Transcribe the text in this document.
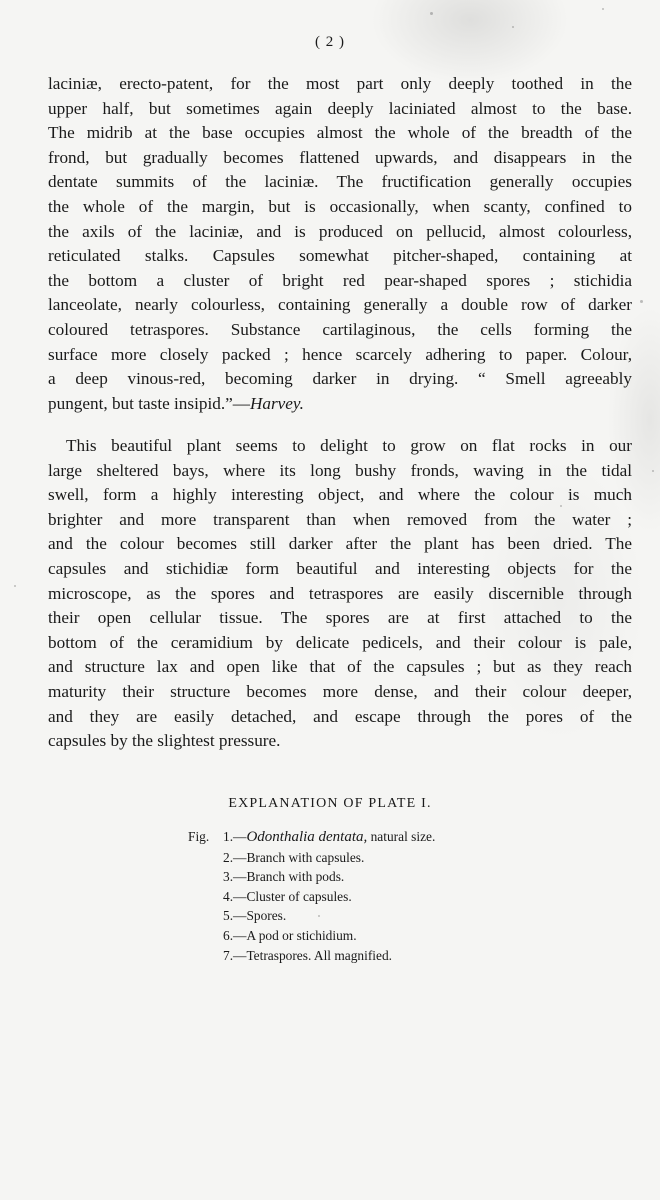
( 2 )

laciniæ, erecto-patent, for the most part only deeply toothed in the
upper half, but sometimes again deeply laciniated almost to the base.
The midrib at the base occupies almost the whole of the breadth of the
frond, but gradually becomes flattened upwards, and disappears in the
dentate summits of the laciniæ. The fructification generally occupies
the whole of the margin, but is occasionally, when scanty, confined to
the axils of the laciniæ, and is produced on pellucid, almost colourless,
reticulated stalks. Capsules somewhat pitcher-shaped, containing at
the bottom a cluster of bright red pear-shaped spores ; stichidia
lanceolate, nearly colourless, containing generally a double row of darker
coloured tetraspores. Substance cartilaginous, the cells forming the
surface more closely packed ; hence scarcely adhering to paper. Colour,
a deep vinous-red, becoming darker in drying. “ Smell agreeably
pungent, but taste insipid.”—Harvey.

This beautiful plant seems to delight to grow on flat rocks in our
large sheltered bays, where its long bushy fronds, waving in the tidal
swell, form a highly interesting object, and where the colour is much
brighter and more transparent than when removed from the water ;
and the colour becomes still darker after the plant has been dried. The
capsules and stichidiæ form beautiful and interesting objects for the
microscope, as the spores and tetraspores are easily discernible through
their open cellular tissue. The spores are at first attached to the
bottom of the ceramidium by delicate pedicels, and their colour is pale,
and structure lax and open like that of the capsules ; but as they reach
maturity their structure becomes more dense, and their colour deeper,
and they are easily detached, and escape through the pores of the
capsules by the slightest pressure.

EXPLANATION OF PLATE I.
Fig. 1.—Odonthalia dentata, natural size.
2.—Branch with capsules.
3.—Branch with pods.
4.—Cluster of capsules.
5.—Spores.
6.—A pod or stichidium.
7.—Tetraspores. All magnified.
